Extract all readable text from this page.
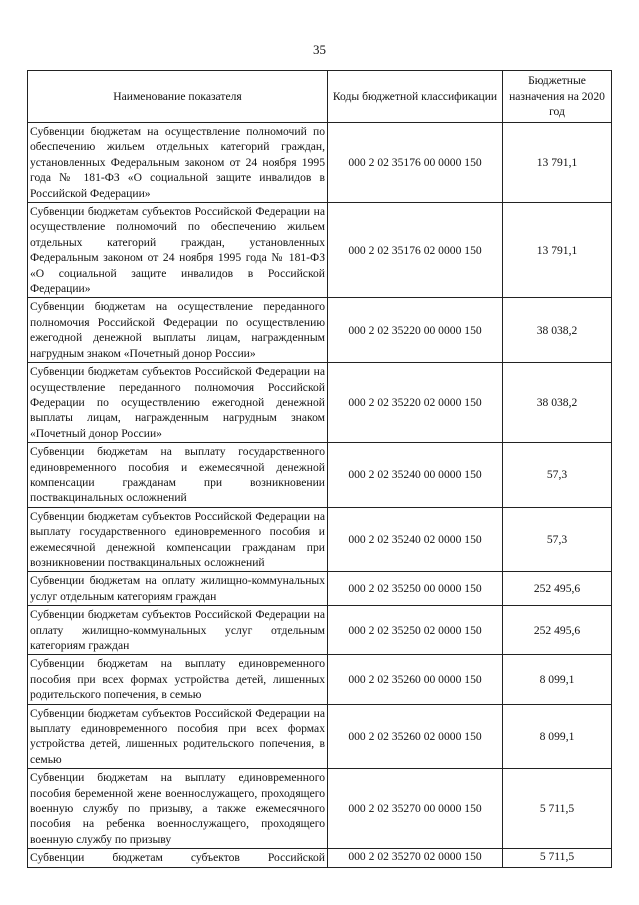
35
Наименование показателя	Коды бюджетной классификации	Бюджетные назначения на 2020 год
Субвенции бюджетам на осуществление полномочий по обеспечению жильем отдельных категорий граждан, установленных Федеральным законом от 24 ноября 1995 года № 181-ФЗ «О социальной защите инвалидов в Российской Федерации»	000 2 02 35176 00 0000 150	13 791,1
Субвенции бюджетам субъектов Российской Федерации на осуществление полномочий по обеспечению жильем отдельных категорий граждан, установленных Федеральным законом от 24 ноября 1995 года № 181-ФЗ «О социальной защите инвалидов в Российской Федерации»	000 2 02 35176 02 0000 150	13 791,1
Субвенции бюджетам на осуществление переданного полномочия Российской Федерации по осуществлению ежегодной денежной выплаты лицам, награжденным нагрудным знаком «Почетный донор России»	000 2 02 35220 00 0000 150	38 038,2
Субвенции бюджетам субъектов Российской Федерации на осуществление переданного полномочия Российской Федерации по осуществлению ежегодной денежной выплаты лицам, награжденным нагрудным знаком «Почетный донор России»	000 2 02 35220 02 0000 150	38 038,2
Субвенции бюджетам на выплату государственного единовременного пособия и ежемесячной денежной компенсации гражданам при возникновении поствакцинальных осложнений	000 2 02 35240 00 0000 150	57,3
Субвенции бюджетам субъектов Российской Федерации на выплату государственного единовременного пособия и ежемесячной денежной компенсации гражданам при возникновении поствакцинальных осложнений	000 2 02 35240 02 0000 150	57,3
Субвенции бюджетам на оплату жилищно-коммунальных услуг отдельным категориям граждан	000 2 02 35250 00 0000 150	252 495,6
Субвенции бюджетам субъектов Российской Федерации на оплату жилищно-коммунальных услуг отдельным категориям граждан	000 2 02 35250 02 0000 150	252 495,6
Субвенции бюджетам на выплату единовременного пособия при всех формах устройства детей, лишенных родительского попечения, в семью	000 2 02 35260 00 0000 150	8 099,1
Субвенции бюджетам субъектов Российской Федерации на выплату единовременного пособия при всех формах устройства детей, лишенных родительского попечения, в семью	000 2 02 35260 02 0000 150	8 099,1
Субвенции бюджетам на выплату единовременного пособия беременной жене военнослужащего, проходящего военную службу по призыву, а также ежемесячного пособия на ребенка военнослужащего, проходящего военную службу по призыву	000 2 02 35270 00 0000 150	5 711,5
Субвенции бюджетам субъектов Российской	000 2 02 35270 02 0000 150	5 711,5
